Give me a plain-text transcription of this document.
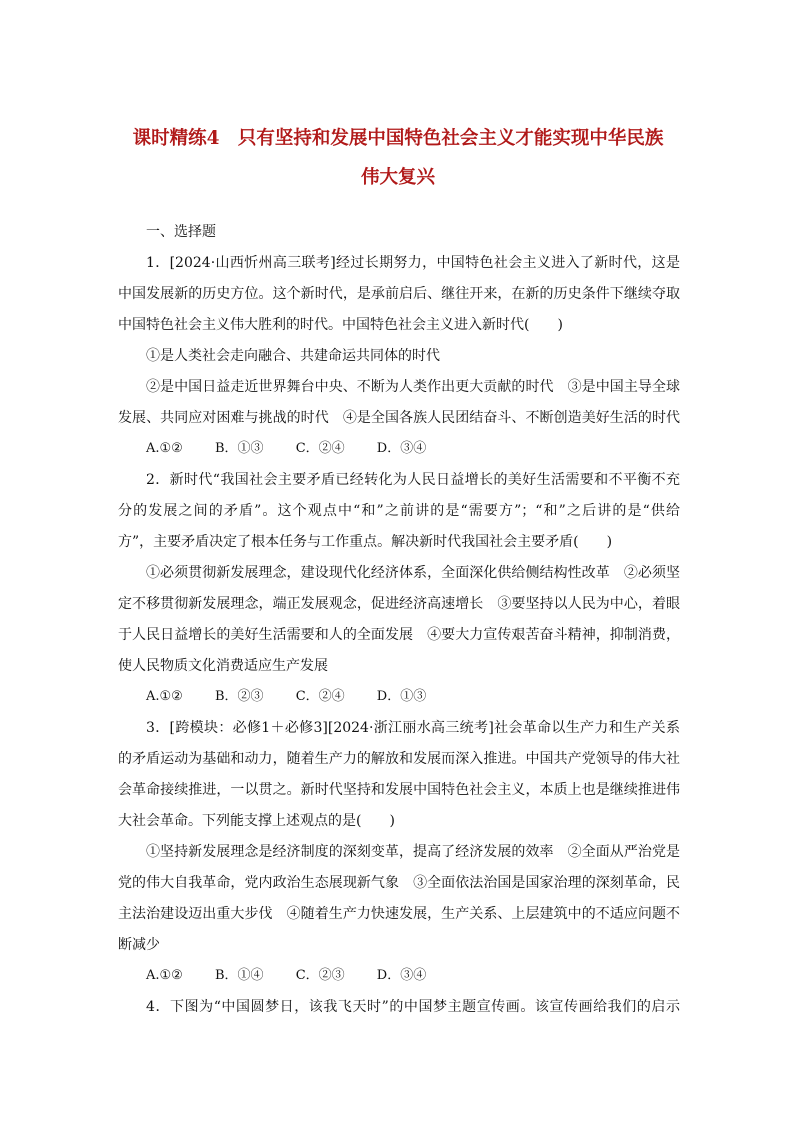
课时精练4　只有坚持和发展中国特色社会主义才能实现中华民族
伟大复兴
一、选择题
1．[2024·山西忻州高三联考]经过长期努力，中国特色社会主义进入了新时代，这是
中国发展新的历史方位。这个新时代，是承前启后、继往开来，在新的历史条件下继续夺取
中国特色社会主义伟大胜利的时代。中国特色社会主义进入新时代(　　)
①是人类社会走向融合、共建命运共同体的时代
②是中国日益走近世界舞台中央、不断为人类作出更大贡献的时代　③是中国主导全球
发展、共同应对困难与挑战的时代　④是全国各族人民团结奋斗、不断创造美好生活的时代
A.①② B．①③ C．②④ D．③④
2．新时代“我国社会主要矛盾已经转化为人民日益增长的美好生活需要和不平衡不充
分的发展之间的矛盾”。这个观点中“和”之前讲的是“需要方”；“和”之后讲的是“供给
方”，主要矛盾决定了根本任务与工作重点。解决新时代我国社会主要矛盾(　　)
①必须贯彻新发展理念，建设现代化经济体系，全面深化供给侧结构性改革　②必须坚
定不移贯彻新发展理念，端正发展观念，促进经济高速增长　③要坚持以人民为中心，着眼
于人民日益增长的美好生活需要和人的全面发展　④要大力宣传艰苦奋斗精神，抑制消费，
使人民物质文化消费适应生产发展
A.①② B．②③ C．②④ D．①③
3．[跨模块：必修1＋必修3][2024·浙江丽水高三统考]社会革命以生产力和生产关系
的矛盾运动为基础和动力，随着生产力的解放和发展而深入推进。中国共产党领导的伟大社
会革命接续推进，一以贯之。新时代坚持和发展中国特色社会主义，本质上也是继续推进伟
大社会革命。下列能支撑上述观点的是(　　)
①坚持新发展理念是经济制度的深刻变革，提高了经济发展的效率　②全面从严治党是
党的伟大自我革命，党内政治生态展现新气象　③全面依法治国是国家治理的深刻革命，民
主法治建设迈出重大步伐　④随着生产力快速发展，生产关系、上层建筑中的不适应问题不
断减少
A.①② B．①④ C．②③ D．③④
4．下图为“中国圆梦日，该我飞天时”的中国梦主题宣传画。该宣传画给我们的启示
